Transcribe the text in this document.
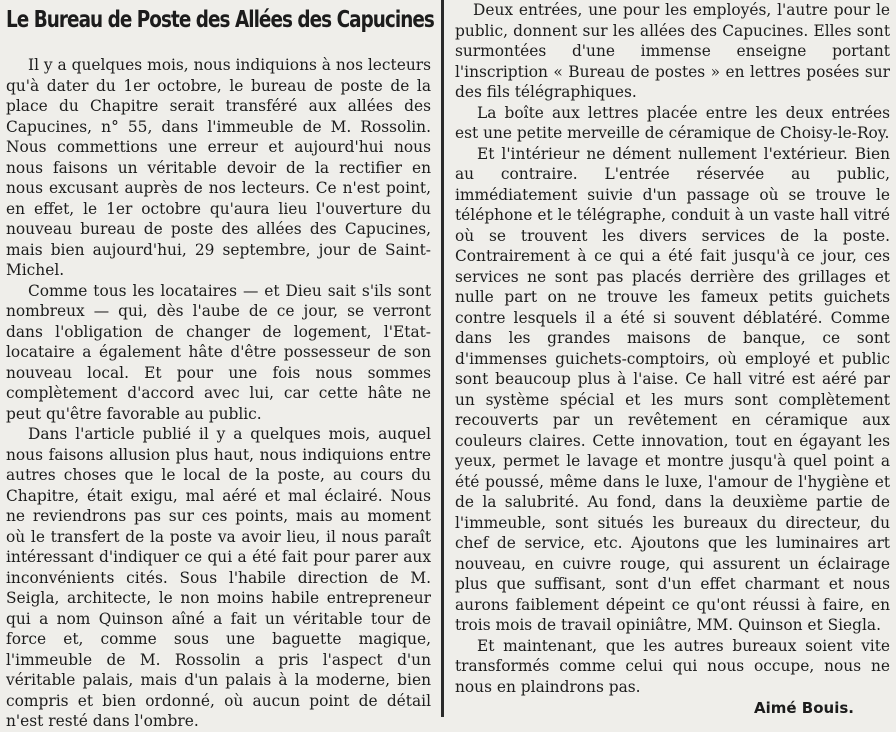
Le Bureau de Poste des Allées des Capucines

Il y a quelques mois, nous indiquions à nos lecteurs qu'à dater du 1er octobre, le bureau de poste de la place du Chapitre serait transféré aux allées des Capucines, n° 55, dans l'immeuble de M. Rossolin. Nous commettions une erreur et aujourd'hui nous nous faisons un véritable devoir de la rectifier en nous excusant auprès de nos lecteurs. Ce n'est point, en effet, le 1er octobre qu'aura lieu l'ouverture du nouveau bureau de poste des allées des Capucines, mais bien aujourd'hui, 29 septembre, jour de Saint-Michel.

Comme tous les locataires — et Dieu sait s'ils sont nombreux — qui, dès l'aube de ce jour, se verront dans l'obligation de changer de logement, l'Etat-locataire a également hâte d'être possesseur de son nouveau local. Et pour une fois nous sommes complètement d'accord avec lui, car cette hâte ne peut qu'être favorable au public.

Dans l'article publié il y a quelques mois, auquel nous faisons allusion plus haut, nous indiquions entre autres choses que le local de la poste, au cours du Chapitre, était exigu, mal aéré et mal éclairé. Nous ne reviendrons pas sur ces points, mais au moment où le transfert de la poste va avoir lieu, il nous paraît intéressant d'indiquer ce qui a été fait pour parer aux inconvénients cités. Sous l'habile direction de M. Seigla, architecte, le non moins habile entrepreneur qui a nom Quinson aîné a fait un véritable tour de force et, comme sous une baguette magique, l'immeuble de M. Rossolin a pris l'aspect d'un véritable palais, mais d'un palais à la moderne, bien compris et bien ordonné, où aucun point de détail n'est resté dans l'ombre.

Deux entrées, une pour les employés, l'autre pour le public, donnent sur les allées des Capucines. Elles sont surmontées d'une immense enseigne portant l'inscription « Bureau de postes » en lettres posées sur des fils télégraphiques.

La boîte aux lettres placée entre les deux entrées est une petite merveille de céramique de Choisy-le-Roy.

Et l'intérieur ne dément nullement l'extérieur. Bien au contraire. L'entrée réservée au public, immédiatement suivie d'un passage où se trouve le téléphone et le télégraphe, conduit à un vaste hall vitré où se trouvent les divers services de la poste. Contrairement à ce qui a été fait jusqu'à ce jour, ces services ne sont pas placés derrière des grillages et nulle part on ne trouve les fameux petits guichets contre lesquels il a été si souvent déblatéré. Comme dans les grandes maisons de banque, ce sont d'immenses guichets-comptoirs, où employé et public sont beaucoup plus à l'aise. Ce hall vitré est aéré par un système spécial et les murs sont complètement recouverts par un revêtement en céramique aux couleurs claires. Cette innovation, tout en égayant les yeux, permet le lavage et montre jusqu'à quel point a été poussé, même dans le luxe, l'amour de l'hygiène et de la salubrité. Au fond, dans la deuxième partie de l'immeuble, sont situés les bureaux du directeur, du chef de service, etc. Ajoutons que les luminaires art nouveau, en cuivre rouge, qui assurent un éclairage plus que suffisant, sont d'un effet charmant et nous aurons faiblement dépeint ce qu'ont réussi à faire, en trois mois de travail opiniâtre, MM. Quinson et Siegla.

Et maintenant, que les autres bureaux soient vite transformés comme celui qui nous occupe, nous ne nous en plaindrons pas.

Aimé Bouis.
